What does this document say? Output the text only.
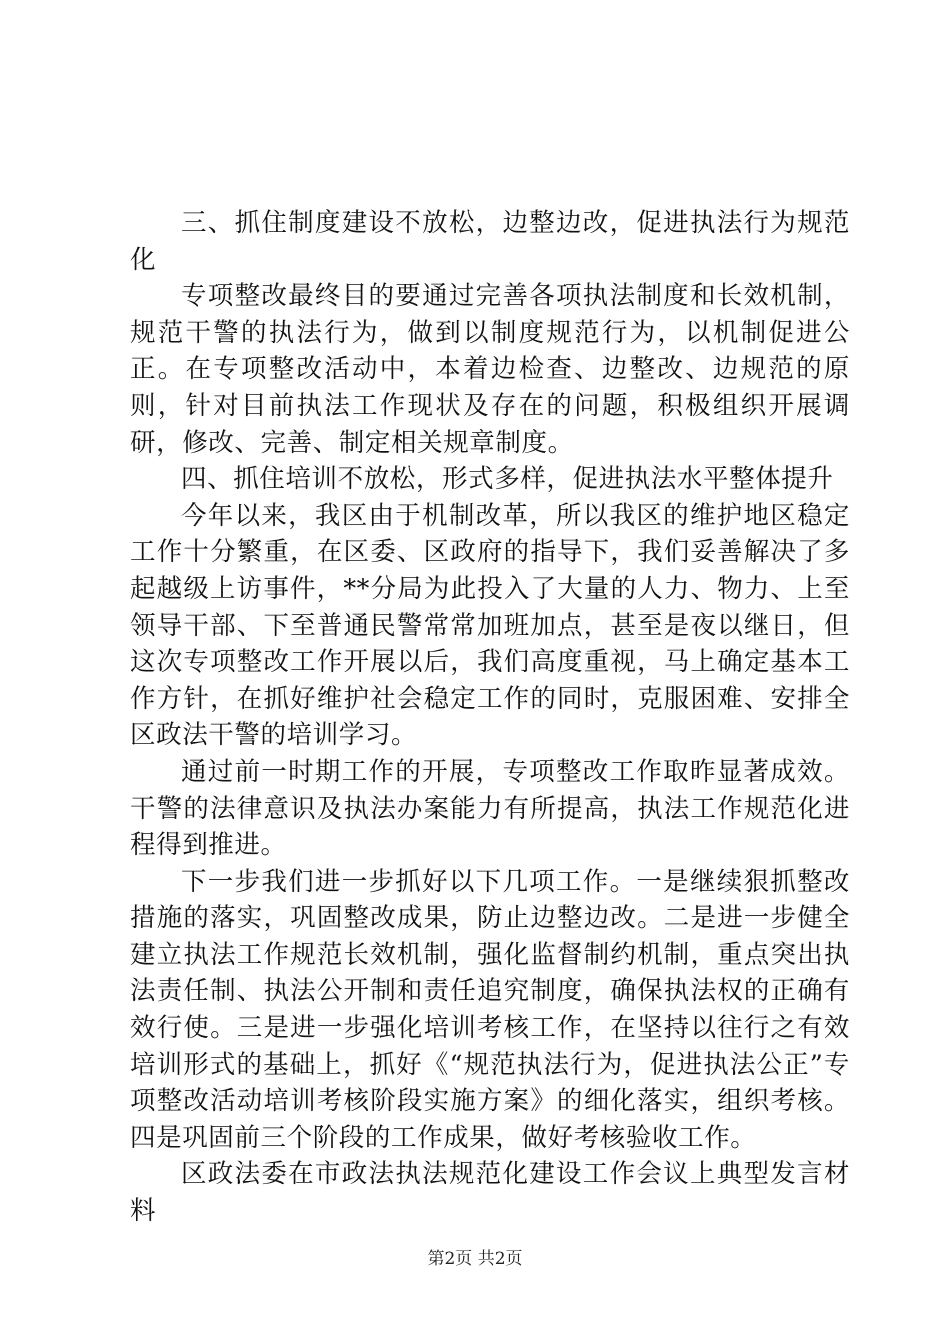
三、抓住制度建设不放松，边整边改，促进执法行为规范化

专项整改最终目的要通过完善各项执法制度和长效机制，规范干警的执法行为，做到以制度规范行为，以机制促进公正。在专项整改活动中，本着边检查、边整改、边规范的原则，针对目前执法工作现状及存在的问题，积极组织开展调研，修改、完善、制定相关规章制度。

四、抓住培训不放松，形式多样，促进执法水平整体提升

今年以来，我区由于机制改革，所以我区的维护地区稳定工作十分繁重，在区委、区政府的指导下，我们妥善解决了多起越级上访事件，**分局为此投入了大量的人力、物力、上至领导干部、下至普通民警常常加班加点，甚至是夜以继日，但这次专项整改工作开展以后，我们高度重视，马上确定基本工作方针，在抓好维护社会稳定工作的同时，克服困难、安排全区政法干警的培训学习。

通过前一时期工作的开展，专项整改工作取昨显著成效。干警的法律意识及执法办案能力有所提高，执法工作规范化进程得到推进。

下一步我们进一步抓好以下几项工作。一是继续狠抓整改措施的落实，巩固整改成果，防止边整边改。二是进一步健全建立执法工作规范长效机制，强化监督制约机制，重点突出执法责任制、执法公开制和责任追究制度，确保执法权的正确有效行使。三是进一步强化培训考核工作，在坚持以往行之有效培训形式的基础上，抓好《“规范执法行为，促进执法公正”专项整改活动培训考核阶段实施方案》的细化落实，组织考核。四是巩固前三个阶段的工作成果，做好考核验收工作。

区政法委在市政法执法规范化建设工作会议上典型发言材料

第2页 共2页
